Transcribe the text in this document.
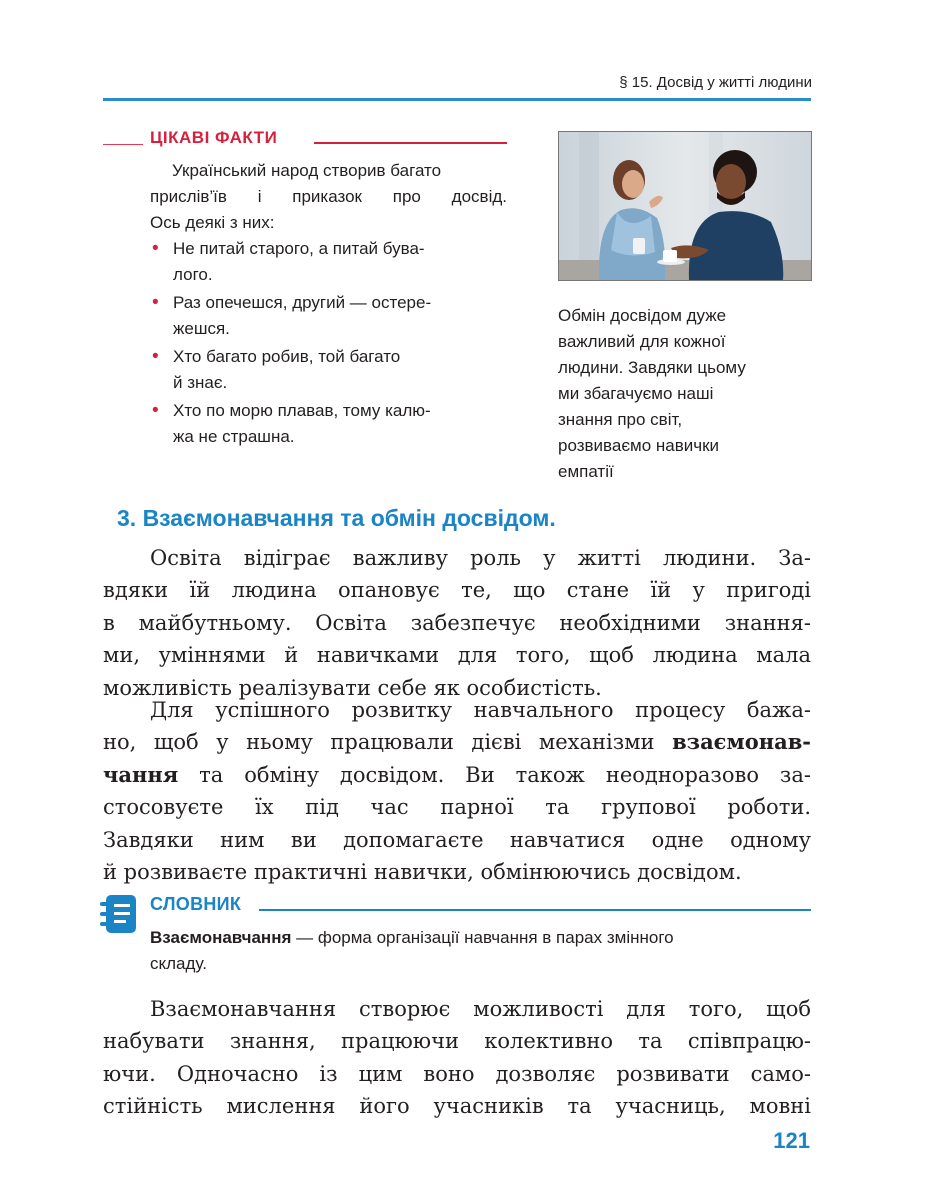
§ 15. Досвід у житті людини
ЦІКАВІ ФАКТИ

Український народ створив багато
прислів’їв і приказок про досвід.
Ось деякі з них:

• Не питай старого, а питай бува-
лого.
• Раз опечешся, другий — остере-
жешся.
• Хто багато робив, той багато
й знає.
• Хто по морю плавав, тому калю-
жа не страшна.
Обмін досвідом дуже
важливий для кожної
людини. Завдяки цьому
ми збагачуємо наші
знання про світ,
розвиваємо навички
емпатії
3. Взаємонавчання та обмін досвідом.
Освіта відіграє важливу роль у житті людини. За-
вдяки їй людина опановує те, що стане їй у пригоді
в майбутньому. Освіта забезпечує необхідними знання-
ми, уміннями й навичками для того, щоб людина мала
можливість реалізувати себе як особистість.
Для успішного розвитку навчального процесу бажа-
но, щоб у ньому працювали дієві механізми взаємонав-
чання та обміну досвідом. Ви також неодноразово за-
стосовуєте їх під час парної та групової роботи.
Завдяки ним ви допомагаєте навчатися одне одному
й розвиваєте практичні навички, обмінюючись досвідом.
СЛОВНИК
Взаємонавчання — форма організації навчання в парах змінного
складу.
Взаємонавчання створює можливості для того, щоб
набувати знання, працюючи колективно та співпрацю-
ючи. Одночасно із цим воно дозволяє розвивати само-
стійність мислення його учасників та учасниць, мовні
121
